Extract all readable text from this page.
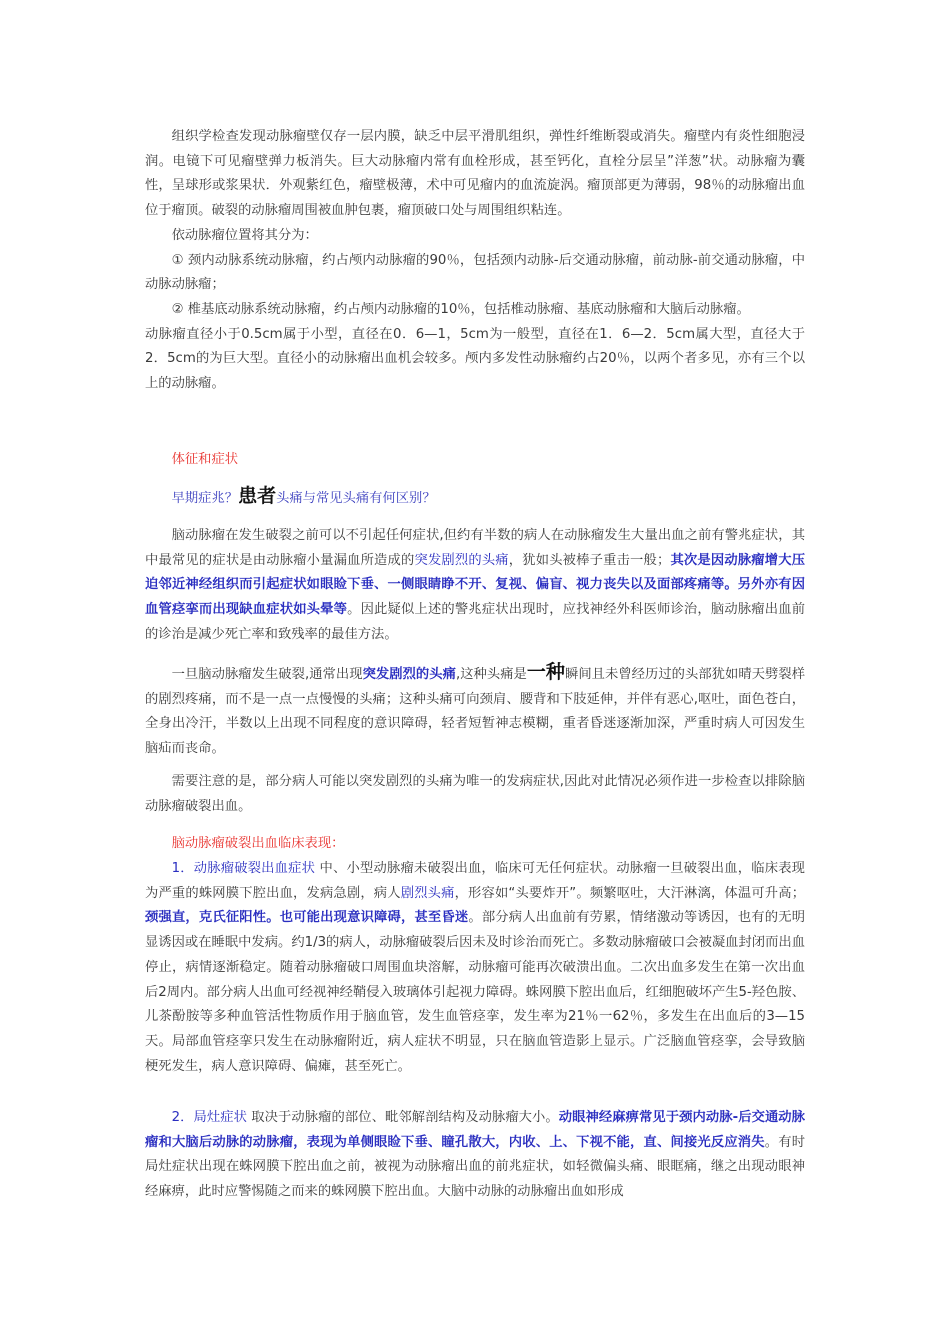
组织学检查发现动脉瘤壁仅存一层内膜，缺乏中层平滑肌组织，弹性纤维断裂或消失。瘤壁内有炎性细胞浸润。电镜下可见瘤壁弹力板消失。巨大动脉瘤内常有血栓形成，甚至钙化，直栓分层呈”洋葱”状。动脉瘤为囊性，呈球形或浆果状．外观紫红色，瘤壁极薄，术中可见瘤内的血流旋涡。瘤顶部更为薄弱，98％的动脉瘤出血位于瘤顶。破裂的动脉瘤周围被血肿包裹，瘤顶破口处与周围组织粘连。

依动脉瘤位置将其分为：

① 颈内动脉系统动脉瘤，约占颅内动脉瘤的90％，包括颈内动脉-后交通动脉瘤，前动脉-前交通动脉瘤，中动脉动脉瘤；

② 椎基底动脉系统动脉瘤，约占颅内动脉瘤的10％，包括椎动脉瘤、基底动脉瘤和大脑后动脉瘤。

动脉瘤直径小于0.5cm属于小型，直径在0．6—1，5cm为一般型，直径在1．6—2．5cm属大型，直径大于2．5cm的为巨大型。直径小的动脉瘤出血机会较多。颅内多发性动脉瘤约占20％，以两个者多见，亦有三个以上的动脉瘤。

体征和症状

早期症兆？患者头痛与常见头痛有何区别？

脑动脉瘤在发生破裂之前可以不引起任何症状,但约有半数的病人在动脉瘤发生大量出血之前有警兆症状，其中最常见的症状是由动脉瘤小量漏血所造成的突发剧烈的头痛，犹如头被棒子重击一般；其次是因动脉瘤增大压迫邻近神经组织而引起症状如眼睑下垂、一侧眼睛睁不开、复视、偏盲、视力丧失以及面部疼痛等。另外亦有因血管痉挛而出现缺血症状如头晕等。因此疑似上述的警兆症状出现时，应找神经外科医师诊治，脑动脉瘤出血前的诊治是减少死亡率和致残率的最佳方法。

一旦脑动脉瘤发生破裂,通常出现突发剧烈的头痛,这种头痛是一种瞬间且未曾经历过的头部犹如晴天劈裂样的剧烈疼痛，而不是一点一点慢慢的头痛；这种头痛可向颈肩、腰背和下肢延伸，并伴有恶心,呕吐，面色苍白，全身出冷汗，半数以上出现不同程度的意识障碍，轻者短暂神志模糊，重者昏迷逐渐加深，严重时病人可因发生脑疝而丧命。

需要注意的是，部分病人可能以突发剧烈的头痛为唯一的发病症状,因此对此情况必须作进一步检查以排除脑动脉瘤破裂出血。

脑动脉瘤破裂出血临床表现：

1．动脉瘤破裂出血症状 中、小型动脉瘤未破裂出血，临床可无任何症状。动脉瘤一旦破裂出血，临床表现为严重的蛛网膜下腔出血，发病急剧，病人剧烈头痛，形容如“头要炸开”。频繁呕吐，大汗淋漓，体温可升高；颈强直，克氏征阳性。也可能出现意识障碍，甚至昏迷。部分病人出血前有劳累，情绪激动等诱因，也有的无明显诱因或在睡眠中发病。约1/3的病人，动脉瘤破裂后因未及时诊治而死亡。多数动脉瘤破口会被凝血封闭而出血停止，病情逐渐稳定。随着动脉瘤破口周围血块溶解，动脉瘤可能再次破溃出血。二次出血多发生在第一次出血后2周内。部分病人出血可经视神经鞘侵入玻璃体引起视力障碍。蛛网膜下腔出血后，红细胞破坏产生5-羟色胺、儿茶酚胺等多种血管活性物质作用于脑血管，发生血管痉挛，发生率为21％一62％，多发生在出血后的3—15天。局部血管痉挛只发生在动脉瘤附近，病人症状不明显，只在脑血管造影上显示。广泛脑血管痉挛，会导致脑梗死发生，病人意识障碍、偏瘫，甚至死亡。

2．局灶症状 取决于动脉瘤的部位、毗邻解剖结构及动脉瘤大小。动眼神经麻痹常见于颈内动脉-后交通动脉瘤和大脑后动脉的动脉瘤，表现为单侧眼睑下垂、瞳孔散大，内收、上、下视不能，直、间接光反应消失。有时局灶症状出现在蛛网膜下腔出血之前，被视为动脉瘤出血的前兆症状，如轻微偏头痛、眼眶痛，继之出现动眼神经麻痹，此时应警惕随之而来的蛛网膜下腔出血。大脑中动脉的动脉瘤出血如形成
